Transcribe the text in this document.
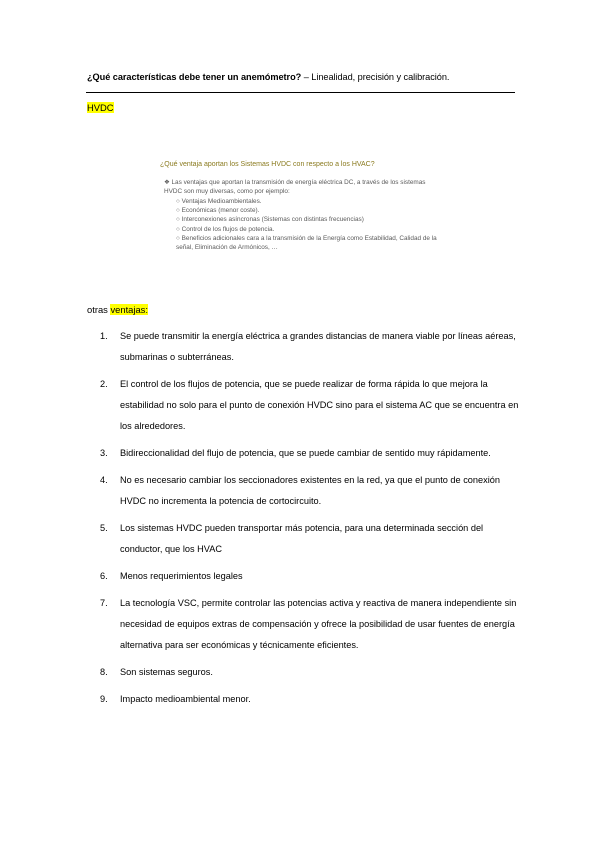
¿Qué características debe tener un anemómetro? – Linealidad, precisión y calibración.
HVDC
¿Qué ventaja aportan los Sistemas HVDC con respecto a los HVAC?
❖ Las ventajas que aportan la transmisión de energía eléctrica DC, a través de los sistemas HVDC son muy diversas, como por ejemplo:
○ Ventajas Medioambientales.
○ Económicas (menor coste).
○ Interconexiones asíncronas (Sistemas con distintas frecuencias)
○ Control de los flujos de potencia.
○ Beneficios adicionales cara a la transmisión de la Energía como Estabilidad, Calidad de la señal, Eliminación de Armónicos, …
otras ventajas:
1.	Se puede transmitir la energía eléctrica a grandes distancias de manera viable por líneas aéreas, submarinas o subterráneas.
2.	El control de los flujos de potencia, que se puede realizar de forma rápida lo que mejora la estabilidad no solo para el punto de conexión HVDC sino para el sistema AC que se encuentra en los alrededores.
3.	Bidireccionalidad del flujo de potencia, que se puede cambiar de sentido muy rápidamente.
4.	No es necesario cambiar los seccionadores existentes en la red, ya que el punto de conexión HVDC no incrementa la potencia de cortocircuito.
5.	Los sistemas HVDC pueden transportar más potencia, para una determinada sección del conductor, que los HVAC
6.	Menos requerimientos legales
7.	La tecnología VSC, permite controlar las potencias activa y reactiva de manera independiente sin necesidad de equipos extras de compensación y ofrece la posibilidad de usar fuentes de energía alternativa para ser económicas y técnicamente eficientes.
8.	Son sistemas seguros.
9.	Impacto medioambiental menor.
